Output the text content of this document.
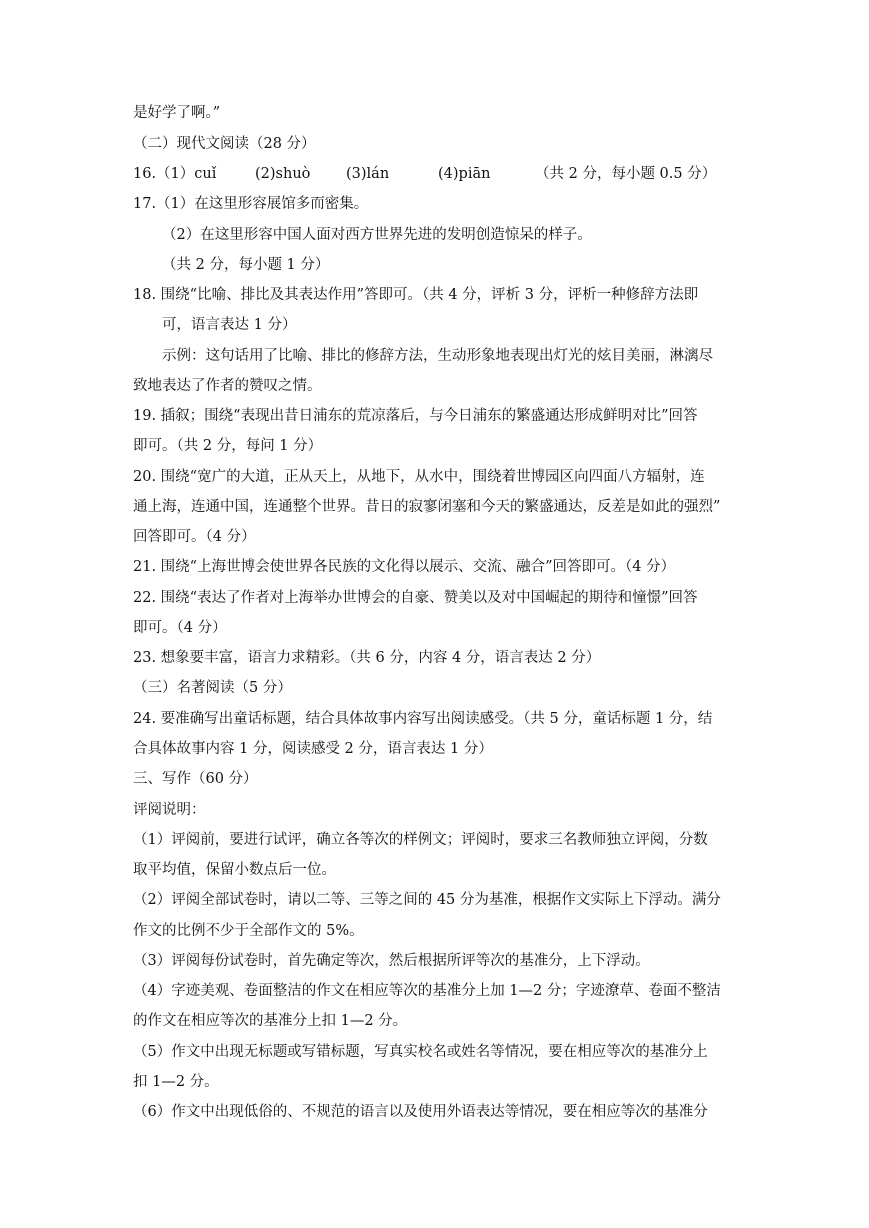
是好学了啊。”
（二）现代文阅读（28 分）
16.（1）cuǐ	(2)shuò (3)lán	(4)piān	（共 2 分，每小题 0.5 分）
17.（1）在这里形容展馆多而密集。
（2）在这里形容中国人面对西方世界先进的发明创造惊呆的样子。
（共 2 分，每小题 1 分）
18. 围绕“比喻、排比及其表达作用”答即可。（共 4 分，评析 3 分，评析一种修辞方法即
可，语言表达 1 分）
示例：这句话用了比喻、排比的修辞方法，生动形象地表现出灯光的炫目美丽，淋漓尽
致地表达了作者的赞叹之情。
19. 插叙；围绕“表现出昔日浦东的荒凉落后，与今日浦东的繁盛通达形成鲜明对比”回答
即可。（共 2 分，每问 1 分）
20. 围绕“宽广的大道，正从天上，从地下，从水中，围绕着世博园区向四面八方辐射，连
通上海，连通中国，连通整个世界。昔日的寂寥闭塞和今天的繁盛通达，反差是如此的强烈”
回答即可。（4 分）
21. 围绕“上海世博会使世界各民族的文化得以展示、交流、融合”回答即可。（4 分）
22. 围绕“表达了作者对上海举办世博会的自豪、赞美以及对中国崛起的期待和憧憬”回答
即可。（4 分）
23. 想象要丰富，语言力求精彩。（共 6 分，内容 4 分，语言表达 2 分）
（三）名著阅读（5 分）
24. 要准确写出童话标题，结合具体故事内容写出阅读感受。（共 5 分，童话标题 1 分，结
合具体故事内容 1 分，阅读感受 2 分，语言表达 1 分）
三、写作（60 分）
评阅说明：
（1）评阅前，要进行试评，确立各等次的样例文；评阅时，要求三名教师独立评阅，分数
取平均值，保留小数点后一位。
（2）评阅全部试卷时，请以二等、三等之间的 45 分为基准，根据作文实际上下浮动。满分
作文的比例不少于全部作文的 5%。
（3）评阅每份试卷时，首先确定等次，然后根据所评等次的基准分，上下浮动。
（4）字迹美观、卷面整洁的作文在相应等次的基准分上加 1—2 分；字迹潦草、卷面不整洁
的作文在相应等次的基准分上扣 1—2 分。
（5）作文中出现无标题或写错标题，写真实校名或姓名等情况，要在相应等次的基准分上
扣 1—2 分。
（6）作文中出现低俗的、不规范的语言以及使用外语表达等情况，要在相应等次的基准分
